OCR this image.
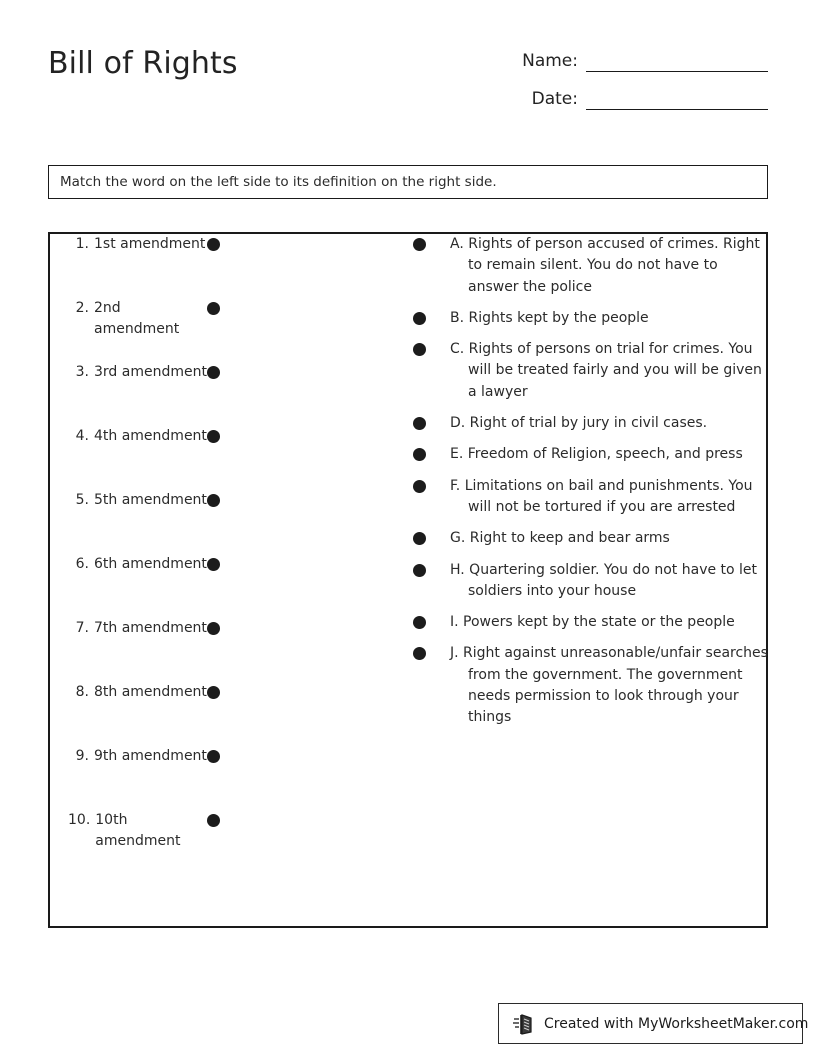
Bill of Rights	Name:
Date:
Match the word on the left side to its definition on the right side.
1. 1st amendment
2. 2nd amendment
3. 3rd amendment
4. 4th amendment
5. 5th amendment
6. 6th amendment
7. 7th amendment
8. 8th amendment
9. 9th amendment
10. 10th amendment
A. Rights of person accused of crimes. Right to remain silent. You do not have to answer the police
B. Rights kept by the people
C. Rights of persons on trial for crimes. You will be treated fairly and you will be given a lawyer
D. Right of trial by jury in civil cases.
E. Freedom of Religion, speech, and press
F. Limitations on bail and punishments. You will not be tortured if you are arrested
G. Right to keep and bear arms
H. Quartering soldier. You do not have to let soldiers into your house
I. Powers kept by the state or the people
J. Right against unreasonable/unfair searches from the government. The government needs permission to look through your things
Created with MyWorksheetMaker.com
